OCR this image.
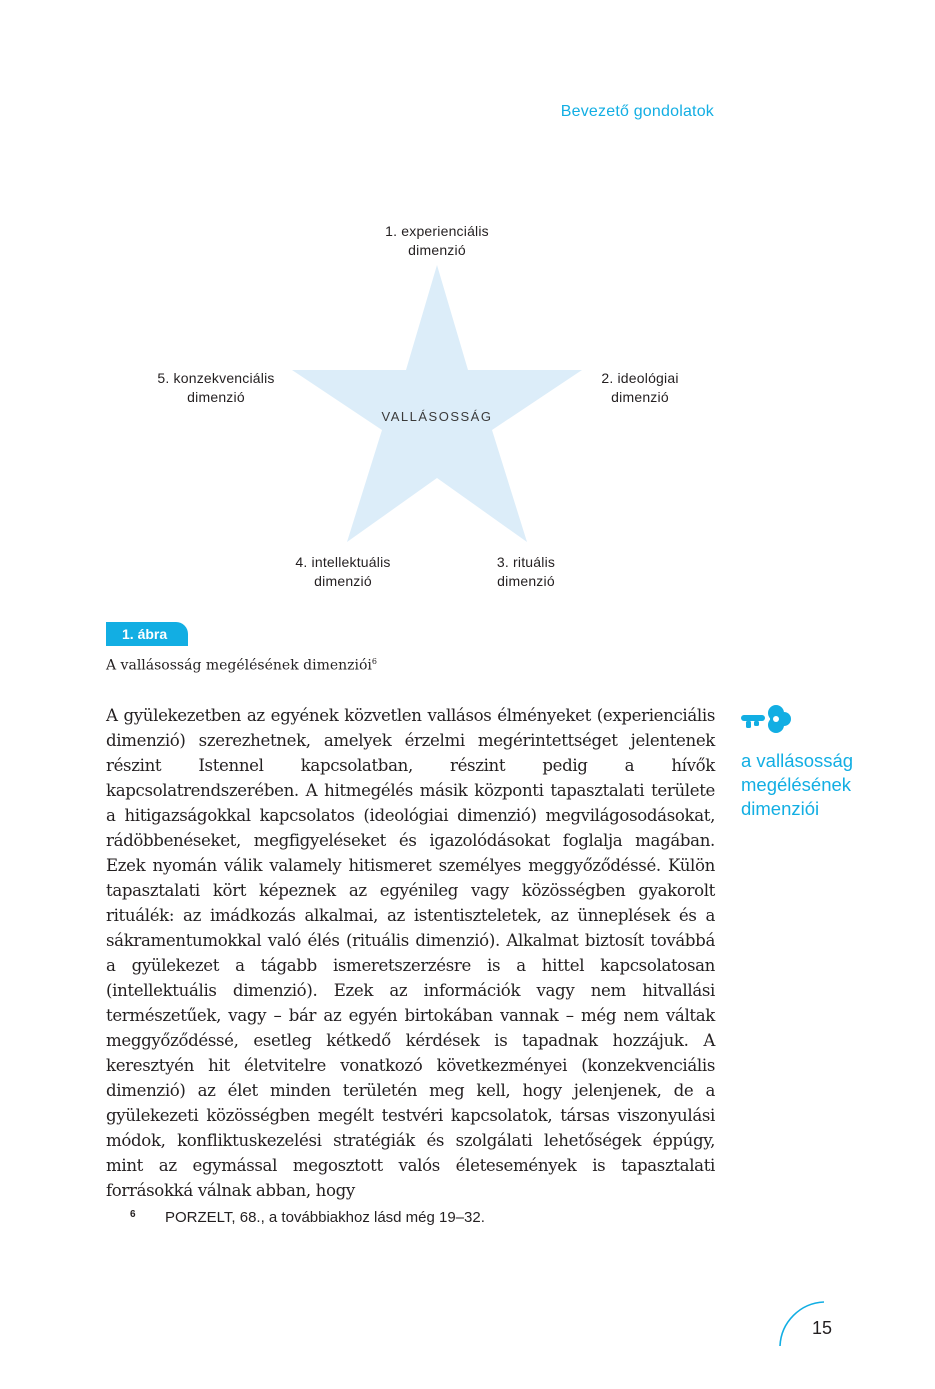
Bevezető gondolatok
VALLÁSOSSÁG
1. experienciális
dimenzió
2. ideológiai
dimenzió
3. rituális
dimenzió
4. intellektuális
dimenzió
5. konzekvenciális
dimenzió
1. ábra
A vallásosság megélésének dimenziói$^6$
A gyülekezetben az egyének közvetlen vallásos élményeket (experienciális dimenzió) szerezhetnek, amelyek érzelmi megérintettséget jelentenek részint Istennel kapcsolatban, részint pedig a hívők kapcsolatrendszerében. A hitmegélés másik központi tapasztalati területe a hitigazságokkal kapcsolatos (ideológiai dimenzió) megvilágosodásokat, rádöbbenéseket, megfigyeléseket és igazolódásokat foglalja magában. Ezek nyomán válik valamely hitismeret személyes meggyőződéssé. Külön tapasztalati kört képeznek az egyénileg vagy közösségben gyakorolt rituálék: az imádkozás alkalmai, az istentiszteletek, az ünneplések és a sákramentumokkal való élés (rituális dimenzió). Alkalmat biztosít továbbá a gyülekezet a tágabb ismeretszerzésre is a hittel kapcsolatosan (intellektuális dimenzió). Ezek az információk vagy nem hitvallási természetűek, vagy – bár az egyén birtokában vannak – még nem váltak meggyőződéssé, esetleg kétkedő kérdések is tapadnak hozzájuk. A keresztyén hit életvitelre vonatkozó következményei (konzekvenciális dimenzió) az élet minden területén meg kell, hogy jelenjenek, de a gyülekezeti közösségben megélt testvéri kapcsolatok, társas viszonyulási módok, konfliktuskezelési stratégiák és szolgálati lehetőségek éppúgy, mint az egymással megosztott valós életesemények is tapasztalati forrásokká válnak abban, hogy
a vallásosság megélésének dimenziói
6 PORZELT, 68., a továbbiakhoz lásd még 19–32.
15
